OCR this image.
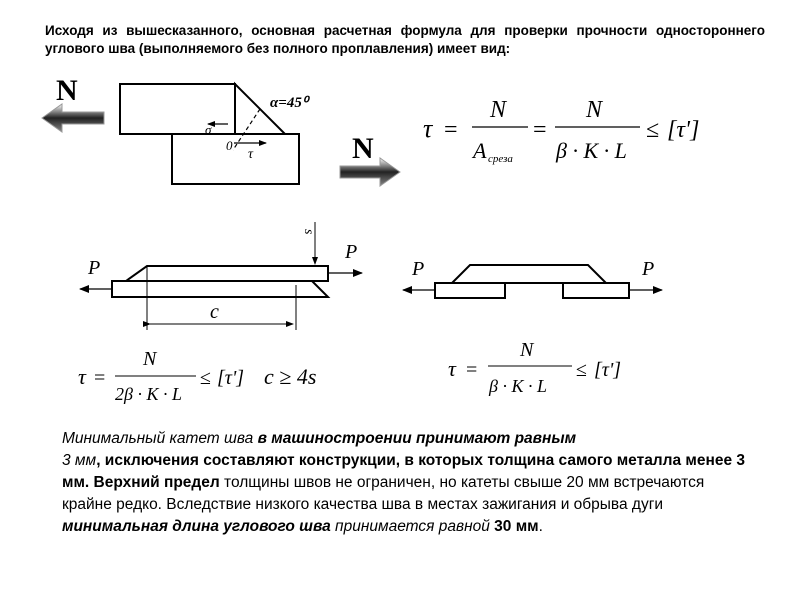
Исходя из вышесказанного, основная расчетная формула для проверки прочности одностороннего углового шва (выполняемого без полного проплавления) имеет вид:
N
σ
τ
0
α=45⁰
N
τ =
N
A среза
=
N
β · K · L
≤ [τ']
c
s
P
P
P	P
τ =
N
2β · K · L
≤ [τ'] c ≥ 4s	τ =
N
β · K · L
≤ [τ']
Минимальный катет шва в машиностроении принимают равным
3 мм, исключения составляют конструкции, в которых толщина самого металла менее 3 мм. Верхний предел толщины швов не ограничен, но катеты свыше 20 мм встречаются крайне редко. Вследствие низкого качества шва в местах зажигания и обрыва дуги минимальная длина углового шва принимается равной 30 мм.
